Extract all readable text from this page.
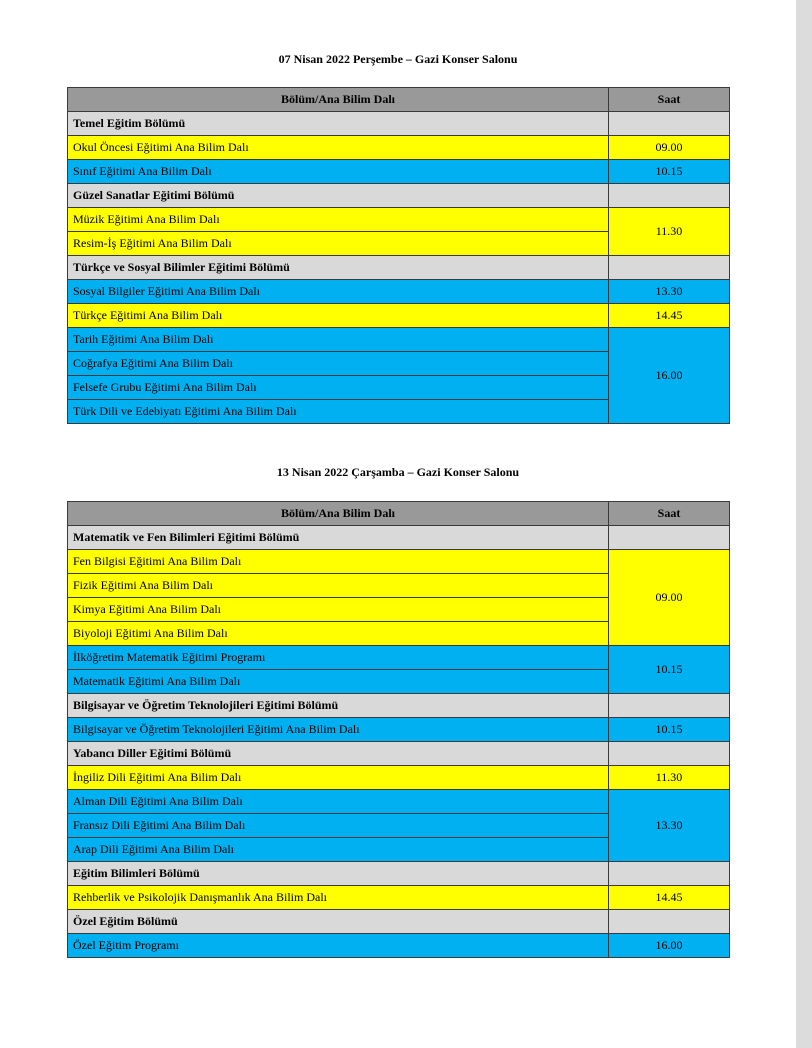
07 Nisan 2022 Perşembe – Gazi Konser Salonu
Bölüm/Ana Bilim Dalı	Saat
Temel Eğitim Bölümü	
Okul Öncesi Eğitimi Ana Bilim Dalı	09.00
Sınıf Eğitimi Ana Bilim Dalı	10.15
Güzel Sanatlar Eğitimi Bölümü	
Müzik Eğitimi Ana Bilim Dalı	11.30
Resim-İş Eğitimi Ana Bilim Dalı	
Türkçe ve Sosyal Bilimler Eğitimi Bölümü	
Sosyal Bilgiler Eğitimi Ana Bilim Dalı	13.30
Türkçe Eğitimi Ana Bilim Dalı	14.45
Tarih Eğitimi Ana Bilim Dalı	16.00
Coğrafya Eğitimi Ana Bilim Dalı	
Felsefe Grubu Eğitimi Ana Bilim Dalı	
Türk Dili ve Edebiyatı Eğitimi Ana Bilim Dalı	
13 Nisan 2022 Çarşamba – Gazi Konser Salonu
Bölüm/Ana Bilim Dalı	Saat
Matematik ve Fen Bilimleri Eğitimi Bölümü	
Fen Bilgisi Eğitimi Ana Bilim Dalı	09.00
Fizik Eğitimi Ana Bilim Dalı	
Kimya Eğitimi Ana Bilim Dalı	
Biyoloji Eğitimi Ana Bilim Dalı	
İlköğretim Matematik Eğitimi Programı	10.15
Matematik Eğitimi Ana Bilim Dalı	
Bilgisayar ve Öğretim Teknolojileri Eğitimi Bölümü	
Bilgisayar ve Öğretim Teknolojileri Eğitimi Ana Bilim Dalı	10.15
Yabancı Diller Eğitimi Bölümü	
İngiliz Dili Eğitimi Ana Bilim Dalı	11.30
Alman Dili Eğitimi Ana Bilim Dalı	13.30
Fransız Dili Eğitimi Ana Bilim Dalı	
Arap Dili Eğitimi Ana Bilim Dalı	
Eğitim Bilimleri Bölümü	
Rehberlik ve Psikolojik Danışmanlık Ana Bilim Dalı	14.45
Özel Eğitim Bölümü	
Özel Eğitim Programı	16.00
